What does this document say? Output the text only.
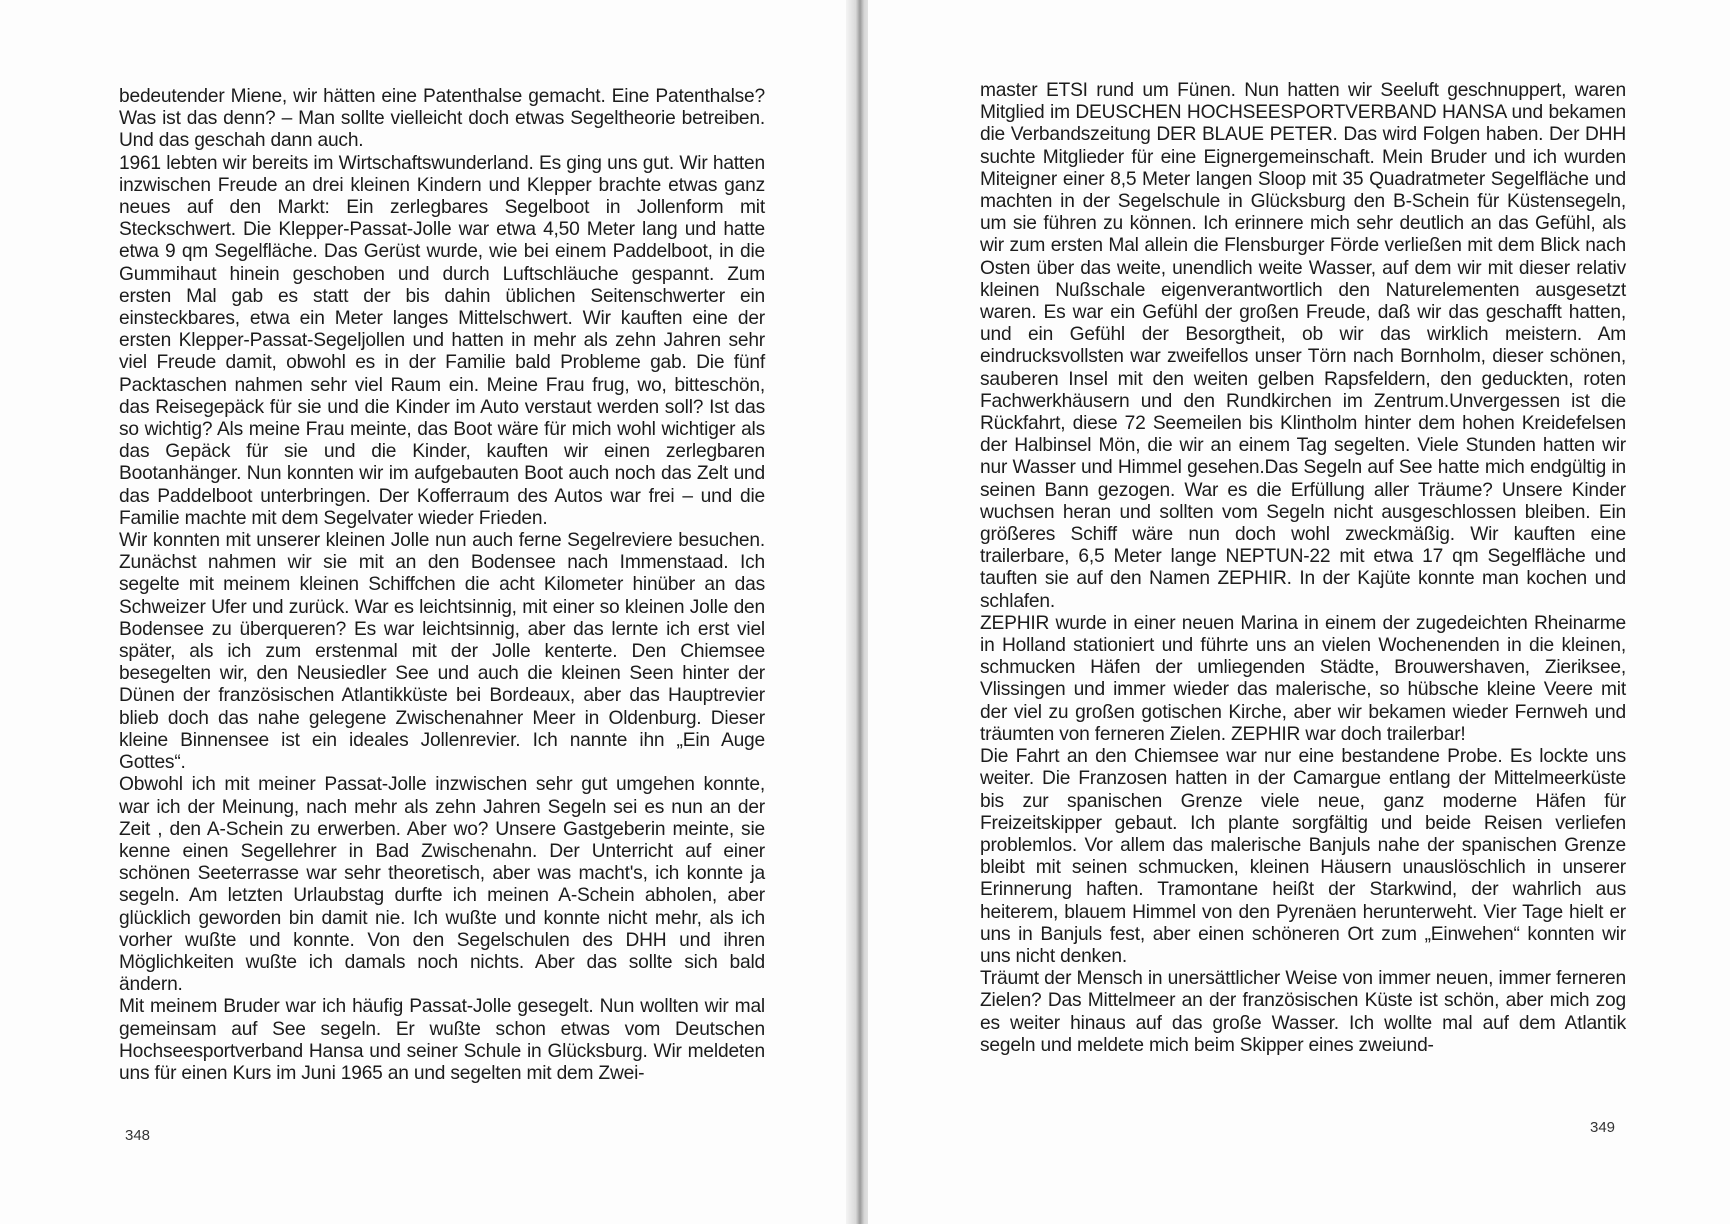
bedeutender Miene, wir hätten eine Patenthalse gemacht. Eine Patenthalse? Was ist das denn? – Man sollte vielleicht doch etwas Segeltheorie betreiben. Und das geschah dann auch.

1961 lebten wir bereits im Wirtschaftswunderland. Es ging uns gut. Wir hatten inzwischen Freude an drei kleinen Kindern und Klepper brachte etwas ganz neues auf den Markt: Ein zerlegbares Segelboot in Jollenform mit Steckschwert. Die Klepper-Passat-Jolle war etwa 4,50 Meter lang und hatte etwa 9 qm Segelfläche. Das Gerüst wurde, wie bei einem Paddelboot, in die Gummihaut hinein geschoben und durch Luftschläuche gespannt. Zum ersten Mal gab es statt der bis dahin üblichen Seitenschwerter ein einsteckbares, etwa ein Meter langes Mittelschwert. Wir kauften eine der ersten Klepper-Passat-Segeljollen und hatten in mehr als zehn Jahren sehr viel Freude damit, obwohl es in der Familie bald Probleme gab. Die fünf Packtaschen nahmen sehr viel Raum ein. Meine Frau frug, wo, bitteschön, das Reisegepäck für sie und die Kinder im Auto verstaut werden soll? Ist das so wichtig? Als meine Frau meinte, das Boot wäre für mich wohl wichtiger als das Gepäck für sie und die Kinder, kauften wir einen zerlegbaren Bootanhänger. Nun konnten wir im aufgebauten Boot auch noch das Zelt und das Paddelboot unterbringen. Der Kofferraum des Autos war frei – und die Familie machte mit dem Segelvater wieder Frieden.

Wir konnten mit unserer kleinen Jolle nun auch ferne Segelreviere besuchen. Zunächst nahmen wir sie mit an den Bodensee nach Immenstaad. Ich segelte mit meinem kleinen Schiffchen die acht Kilometer hinüber an das Schweizer Ufer und zurück. War es leichtsinnig, mit einer so kleinen Jolle den Bodensee zu überqueren? Es war leichtsinnig, aber das lernte ich erst viel später, als ich zum erstenmal mit der Jolle kenterte. Den Chiemsee besegelten wir, den Neusiedler See und auch die kleinen Seen hinter der Dünen der französischen Atlantikküste bei Bordeaux, aber das Hauptrevier blieb doch das nahe gelegene Zwischenahner Meer in Oldenburg. Dieser kleine Binnensee ist ein ideales Jollenrevier. Ich nannte ihn „Ein Auge Gottes“.

Obwohl ich mit meiner Passat-Jolle inzwischen sehr gut umgehen konnte, war ich der Meinung, nach mehr als zehn Jahren Segeln sei es nun an der Zeit , den A-Schein zu erwerben. Aber wo? Unsere Gastgeberin meinte, sie kenne einen Segellehrer in Bad Zwischenahn. Der Unterricht auf einer schönen Seeterrasse war sehr theoretisch, aber was macht's, ich konnte ja segeln. Am letzten Urlaubstag durfte ich meinen A-Schein abholen, aber glücklich geworden bin damit nie. Ich wußte und konnte nicht mehr, als ich vorher wußte und konnte. Von den Segelschulen des DHH und ihren Möglichkeiten wußte ich damals noch nichts. Aber das sollte sich bald ändern.

Mit meinem Bruder war ich häufig Passat-Jolle gesegelt. Nun wollten wir mal gemeinsam auf See segeln. Er wußte schon etwas vom Deutschen Hochseesportverband Hansa und seiner Schule in Glücksburg. Wir meldeten uns für einen Kurs im Juni 1965 an und segelten mit dem Zwei-

348

master ETSI rund um Fünen. Nun hatten wir Seeluft geschnuppert, waren Mitglied im DEUSCHEN HOCHSEESPORTVERBAND HANSA und bekamen die Verbandszeitung DER BLAUE PETER. Das wird Folgen haben. Der DHH suchte Mitglieder für eine Eignergemeinschaft. Mein Bruder und ich wurden Miteigner einer 8,5 Meter langen Sloop mit 35 Quadratmeter Segelfläche und machten in der Segelschule in Glücksburg den B-Schein für Küstensegeln, um sie führen zu können. Ich erinnere mich sehr deutlich an das Gefühl, als wir zum ersten Mal allein die Flensburger Förde verließen mit dem Blick nach Osten über das weite, unendlich weite Wasser, auf dem wir mit dieser relativ kleinen Nußschale eigenverantwortlich den Naturelementen ausgesetzt waren. Es war ein Gefühl der großen Freude, daß wir das geschafft hatten, und ein Gefühl der Besorgtheit, ob wir das wirklich meistern. Am eindrucksvollsten war zweifellos unser Törn nach Bornholm, dieser schönen, sauberen Insel mit den weiten gelben Rapsfeldern, den geduckten, roten Fachwerkhäusern und den Rundkirchen im Zentrum.Unvergessen ist die Rückfahrt, diese 72 Seemeilen bis Klintholm hinter dem hohen Kreidefelsen der Halbinsel Mön, die wir an einem Tag segelten. Viele Stunden hatten wir nur Wasser und Himmel gesehen.Das Segeln auf See hatte mich endgültig in seinen Bann gezogen. War es die Erfüllung aller Träume? Unsere Kinder wuchsen heran und sollten vom Segeln nicht ausgeschlossen bleiben. Ein größeres Schiff wäre nun doch wohl zweckmäßig. Wir kauften eine trailerbare, 6,5 Meter lange NEPTUN-22 mit etwa 17 qm Segelfläche und tauften sie auf den Namen ZEPHIR. In der Kajüte konnte man kochen und schlafen.

ZEPHIR wurde in einer neuen Marina in einem der zugedeichten Rheinarme in Holland stationiert und führte uns an vielen Wochenenden in die kleinen, schmucken Häfen der umliegenden Städte, Brouwershaven, Zieriksee, Vlissingen und immer wieder das malerische, so hübsche kleine Veere mit der viel zu großen gotischen Kirche, aber wir bekamen wieder Fernweh und träumten von ferneren Zielen. ZEPHIR war doch trailerbar!

Die Fahrt an den Chiemsee war nur eine bestandene Probe. Es lockte uns weiter. Die Franzosen hatten in der Camargue entlang der Mittelmeerküste bis zur spanischen Grenze viele neue, ganz moderne Häfen für Freizeitskipper gebaut. Ich plante sorgfältig und beide Reisen verliefen problemlos. Vor allem das malerische Banjuls nahe der spanischen Grenze bleibt mit seinen schmucken, kleinen Häusern unauslöschlich in unserer Erinnerung haften. Tramontane heißt der Starkwind, der wahrlich aus heiterem, blauem Himmel von den Pyrenäen herunterweht. Vier Tage hielt er uns in Banjuls fest, aber einen schöneren Ort zum „Einwehen“ konnten wir uns nicht denken.

Träumt der Mensch in unersättlicher Weise von immer neuen, immer ferneren Zielen? Das Mittelmeer an der französischen Küste ist schön, aber mich zog es weiter hinaus auf das große Wasser. Ich wollte mal auf dem Atlantik segeln und meldete mich beim Skipper eines zweiund-

349
